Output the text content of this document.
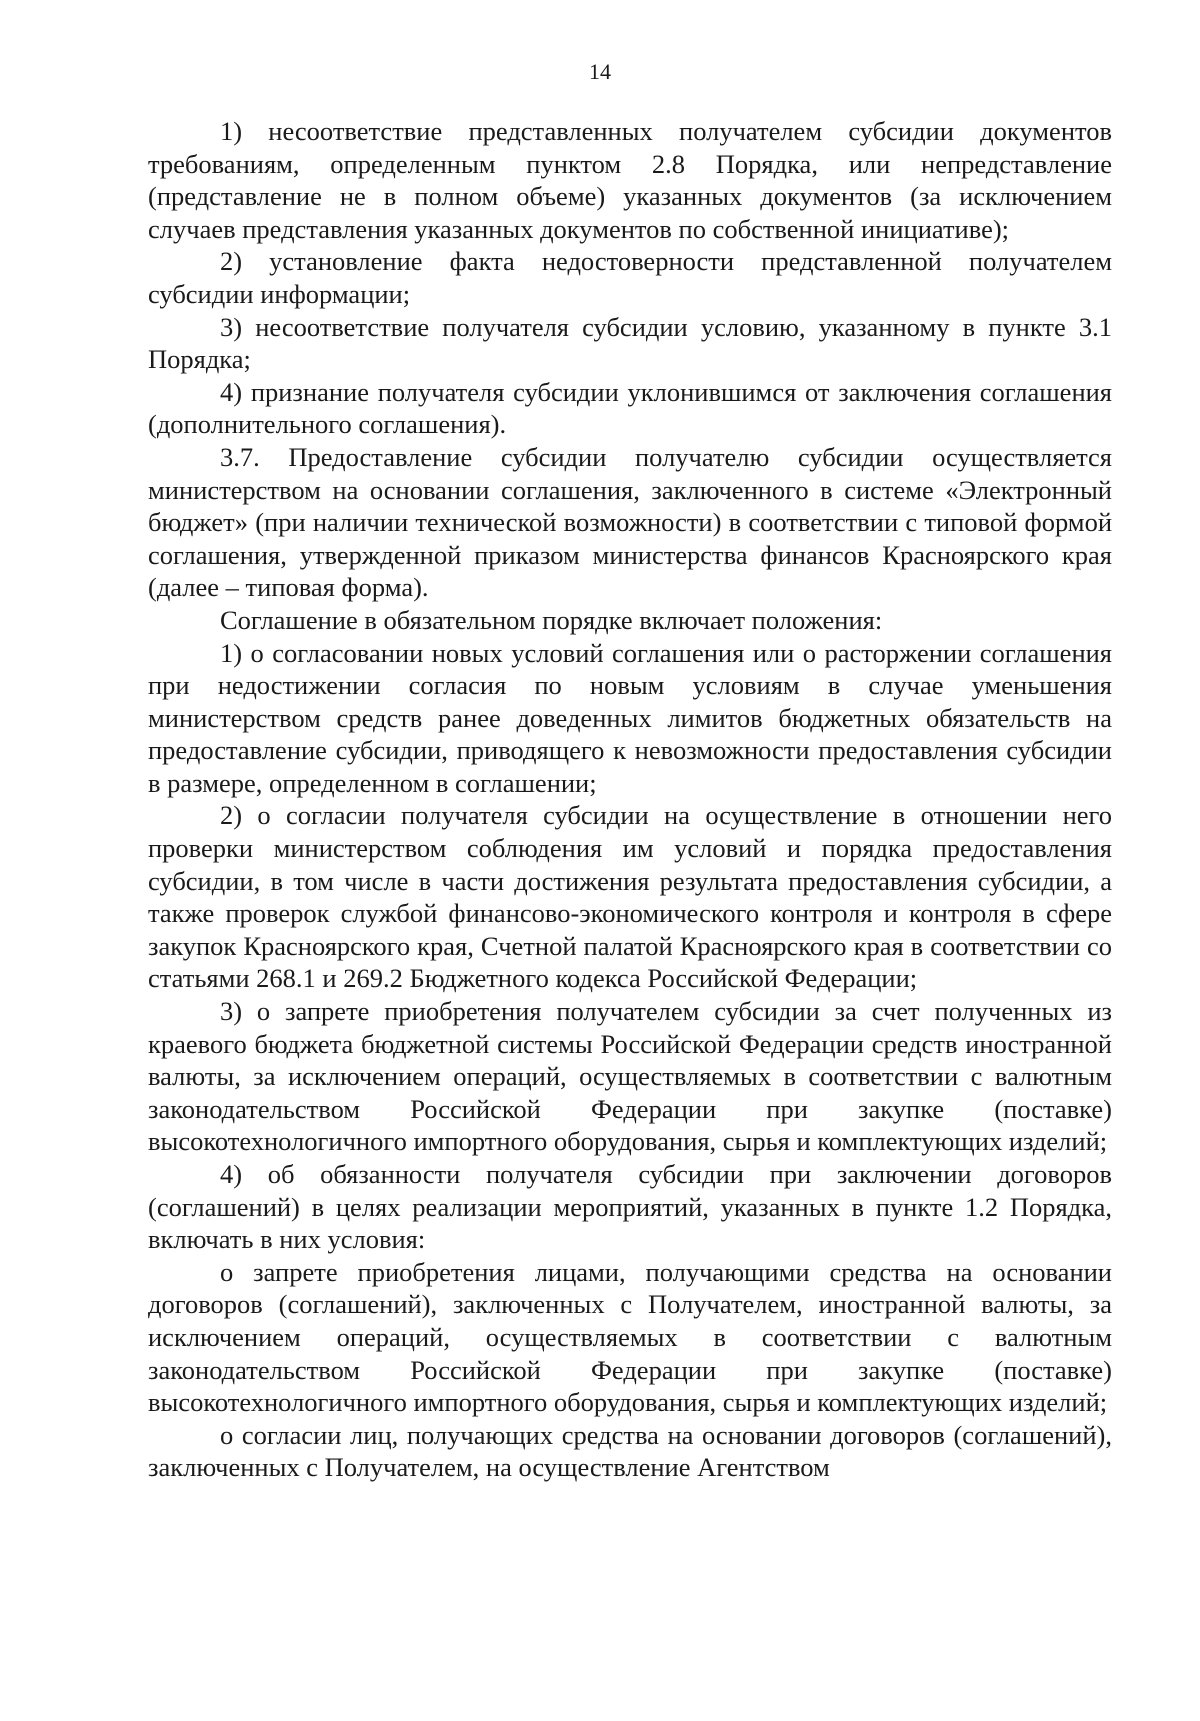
14

1) несоответствие представленных получателем субсидии документов требованиям, определенным пунктом 2.8 Порядка, или непредставление (представление не в полном объеме) указанных документов (за исключением случаев представления указанных документов по собственной инициативе);

2) установление факта недостоверности представленной получателем субсидии информации;

3) несоответствие получателя субсидии условию, указанному в пункте 3.1 Порядка;

4) признание получателя субсидии уклонившимся от заключения соглашения (дополнительного соглашения).

3.7. Предоставление субсидии получателю субсидии осуществляется министерством на основании соглашения, заключенного в системе «Электронный бюджет» (при наличии технической возможности) в соответствии с типовой формой соглашения, утвержденной приказом министерства финансов Красноярского края (далее – типовая форма).

Соглашение в обязательном порядке включает положения:

1) о согласовании новых условий соглашения или о расторжении соглашения при недостижении согласия по новым условиям в случае уменьшения министерством средств ранее доведенных лимитов бюджетных обязательств на предоставление субсидии, приводящего к невозможности предоставления субсидии в размере, определенном в соглашении;

2) о согласии получателя субсидии на осуществление в отношении него проверки министерством соблюдения им условий и порядка предоставления субсидии, в том числе в части достижения результата предоставления субсидии, а также проверок службой финансово-экономического контроля и контроля в сфере закупок Красноярского края, Счетной палатой Красноярского края в соответствии со статьями 268.1 и 269.2 Бюджетного кодекса Российской Федерации;

3) о запрете приобретения получателем субсидии за счет полученных из краевого бюджета бюджетной системы Российской Федерации средств иностранной валюты, за исключением операций, осуществляемых в соответствии с валютным законодательством Российской Федерации при закупке (поставке) высокотехнологичного импортного оборудования, сырья и комплектующих изделий;

4) об обязанности получателя субсидии при заключении договоров (соглашений) в целях реализации мероприятий, указанных в пункте 1.2 Порядка, включать в них условия:

о запрете приобретения лицами, получающими средства на основании договоров (соглашений), заключенных с Получателем, иностранной валюты, за исключением операций, осуществляемых в соответствии с валютным законодательством Российской Федерации при закупке (поставке) высокотехнологичного импортного оборудования, сырья и комплектующих изделий;

о согласии лиц, получающих средства на основании договоров (соглашений), заключенных с Получателем, на осуществление Агентством
